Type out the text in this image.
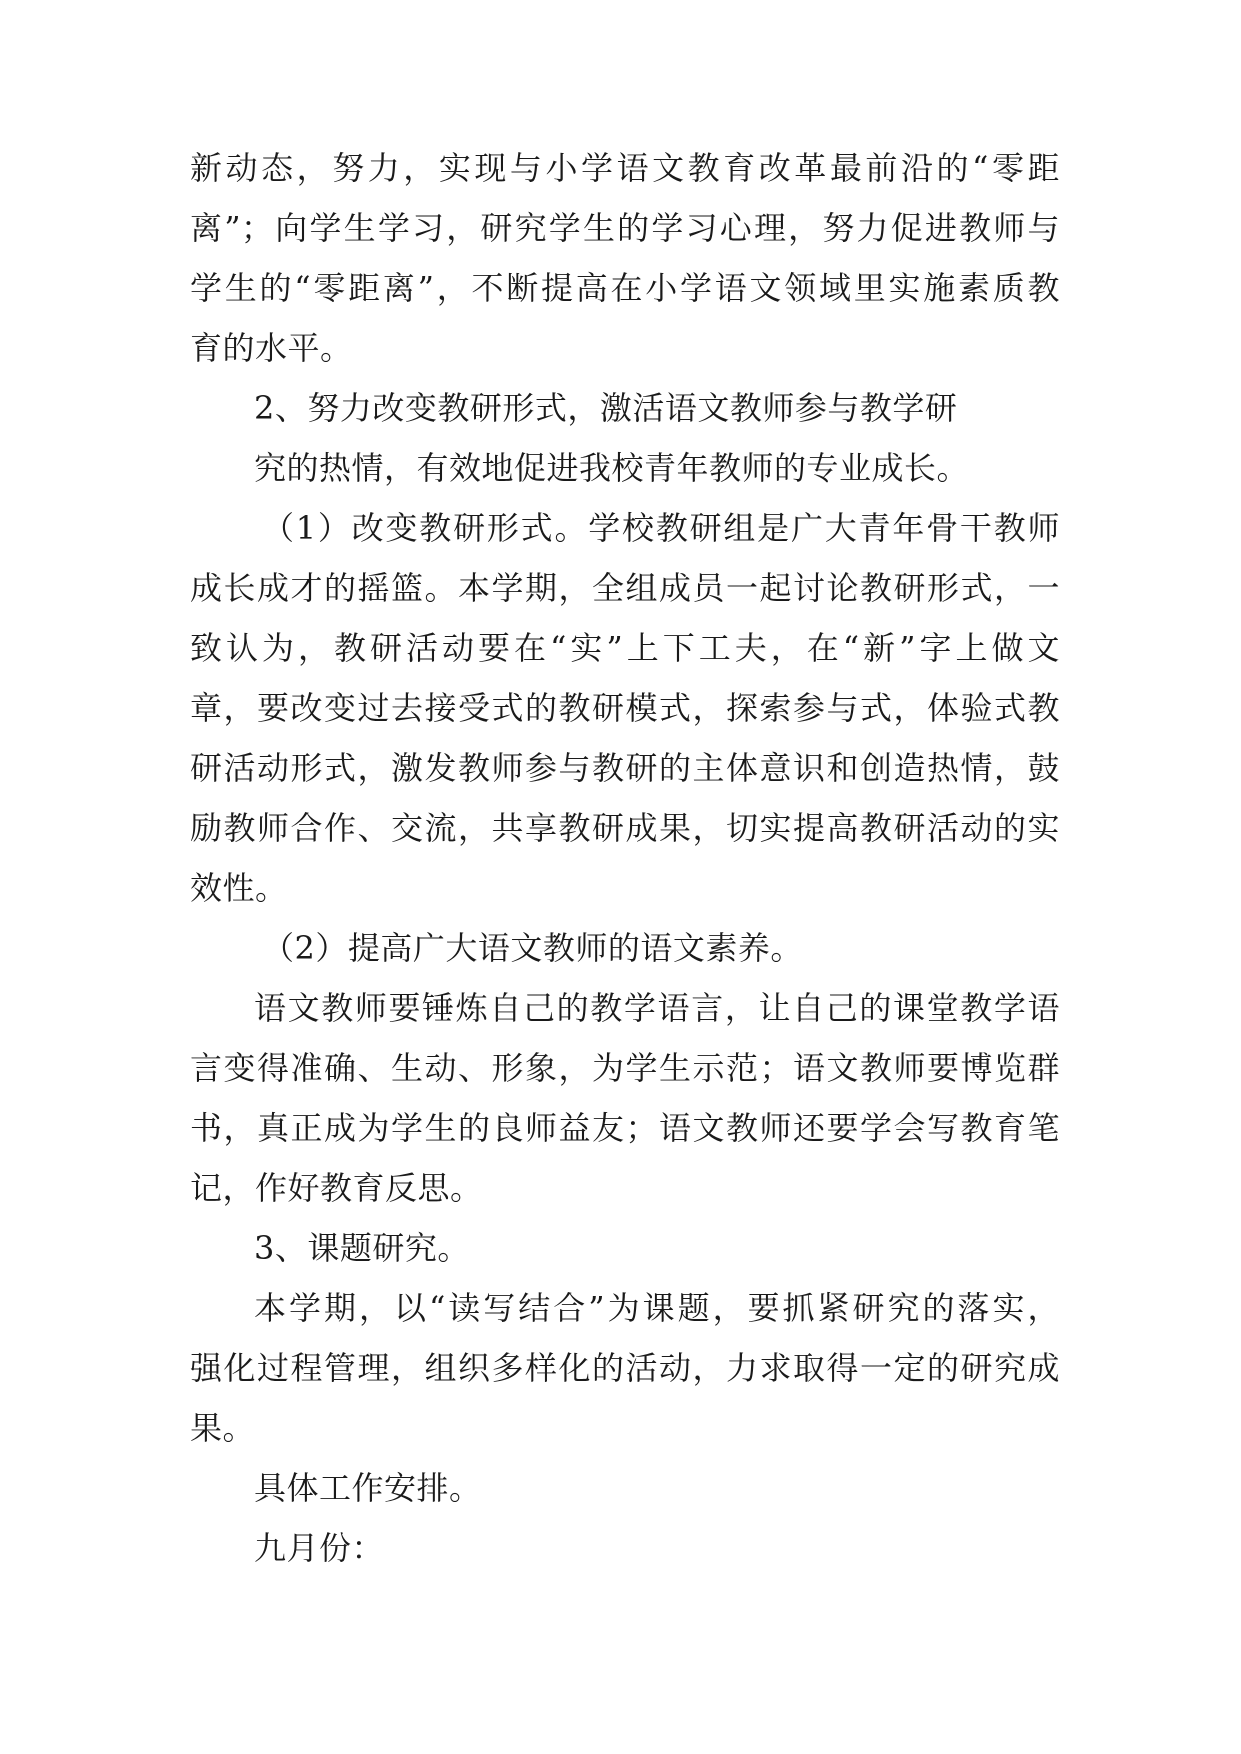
新动态，努力，实现与小学语文教育改革最前沿的“零距
离”；向学生学习，研究学生的学习心理，努力促进教师与
学生的“零距离”，不断提高在小学语文领域里实施素质教
育的水平。
2、努力改变教研形式，激活语文教师参与教学研
究的热情，有效地促进我校青年教师的专业成长。
（1）改变教研形式。学校教研组是广大青年骨干教师
成长成才的摇篮。本学期，全组成员一起讨论教研形式，一
致认为，教研活动要在“实”上下工夫，在“新”字上做文
章，要改变过去接受式的教研模式，探索参与式，体验式教
研活动形式，激发教师参与教研的主体意识和创造热情，鼓
励教师合作、交流，共享教研成果，切实提高教研活动的实
效性。
（2）提高广大语文教师的语文素养。
语文教师要锤炼自己的教学语言，让自己的课堂教学语
言变得准确、生动、形象，为学生示范；语文教师要博览群
书，真正成为学生的良师益友；语文教师还要学会写教育笔
记，作好教育反思。
3、课题研究。
本学期，以“读写结合”为课题，要抓紧研究的落实，
强化过程管理，组织多样化的活动，力求取得一定的研究成
果。
具体工作安排。
九月份：
